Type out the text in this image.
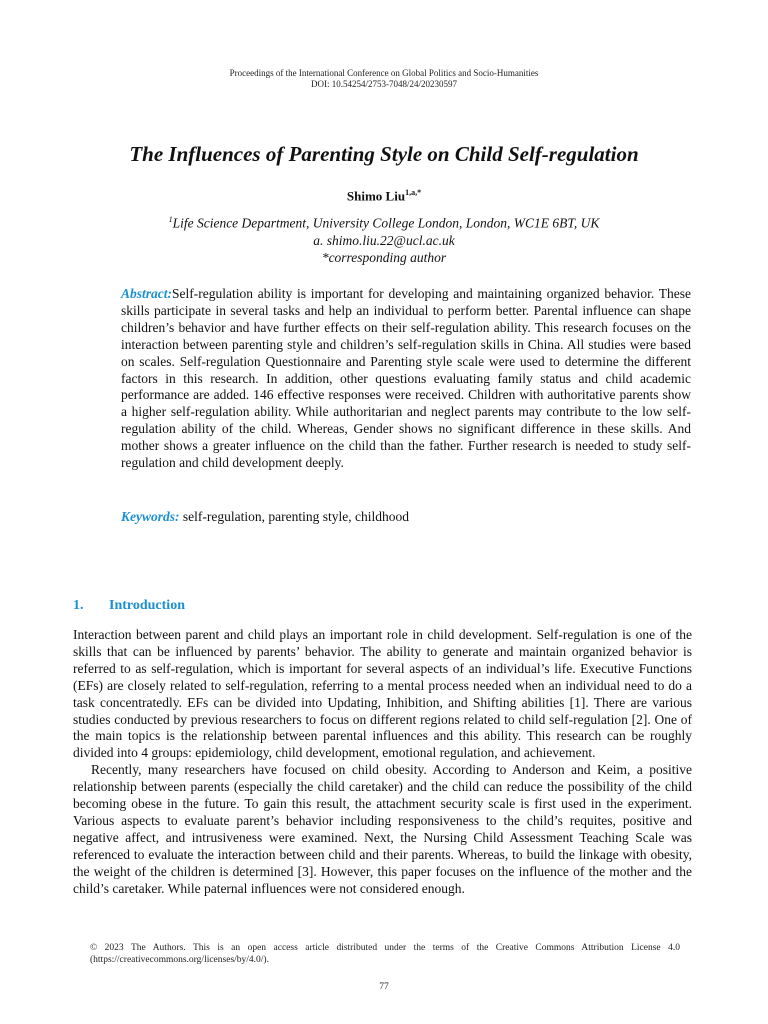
Proceedings of the International Conference on Global Politics and Socio-Humanities
DOI: 10.54254/2753-7048/24/20230597
The Influences of Parenting Style on Child Self-regulation
Shimo Liu$^{1,a,*}$
$^1$Life Science Department, University College London, London, WC1E 6BT, UK
a. shimo.liu.22@ucl.ac.uk
*corresponding author
Abstract:Self-regulation ability is important for developing and maintaining organized behavior. These skills participate in several tasks and help an individual to perform better. Parental influence can shape children’s behavior and have further effects on their self-regulation ability. This research focuses on the interaction between parenting style and children’s self-regulation skills in China. All studies were based on scales. Self-regulation Questionnaire and Parenting style scale were used to determine the different factors in this research. In addition, other questions evaluating family status and child academic performance are added. 146 effective responses were received. Children with authoritative parents show a higher self-regulation ability. While authoritarian and neglect parents may contribute to the low self-regulation ability of the child. Whereas, Gender shows no significant difference in these skills. And mother shows a greater influence on the child than the father. Further research is needed to study self-regulation and child development deeply.
Keywords: self-regulation, parenting style, childhood
1. Introduction

Interaction between parent and child plays an important role in child development. Self-regulation is one of the skills that can be influenced by parents’ behavior. The ability to generate and maintain organized behavior is referred to as self-regulation, which is important for several aspects of an individual’s life. Executive Functions (EFs) are closely related to self-regulation, referring to a mental process needed when an individual need to do a task concentratedly. EFs can be divided into Updating, Inhibition, and Shifting abilities [1]. There are various studies conducted by previous researchers to focus on different regions related to child self-regulation [2]. One of the main topics is the relationship between parental influences and this ability. This research can be roughly divided into 4 groups: epidemiology, child development, emotional regulation, and achievement.

Recently, many researchers have focused on child obesity. According to Anderson and Keim, a positive relationship between parents (especially the child caretaker) and the child can reduce the possibility of the child becoming obese in the future. To gain this result, the attachment security scale is first used in the experiment. Various aspects to evaluate parent’s behavior including responsiveness to the child’s requites, positive and negative affect, and intrusiveness were examined. Next, the Nursing Child Assessment Teaching Scale was referenced to evaluate the interaction between child and their parents. Whereas, to build the linkage with obesity, the weight of the children is determined [3]. However, this paper focuses on the influence of the mother and the child’s caretaker. While paternal influences were not considered enough.

© 2023 The Authors. This is an open access article distributed under the terms of the Creative Commons Attribution License 4.0 (https://creativecommons.org/licenses/by/4.0/).
77
